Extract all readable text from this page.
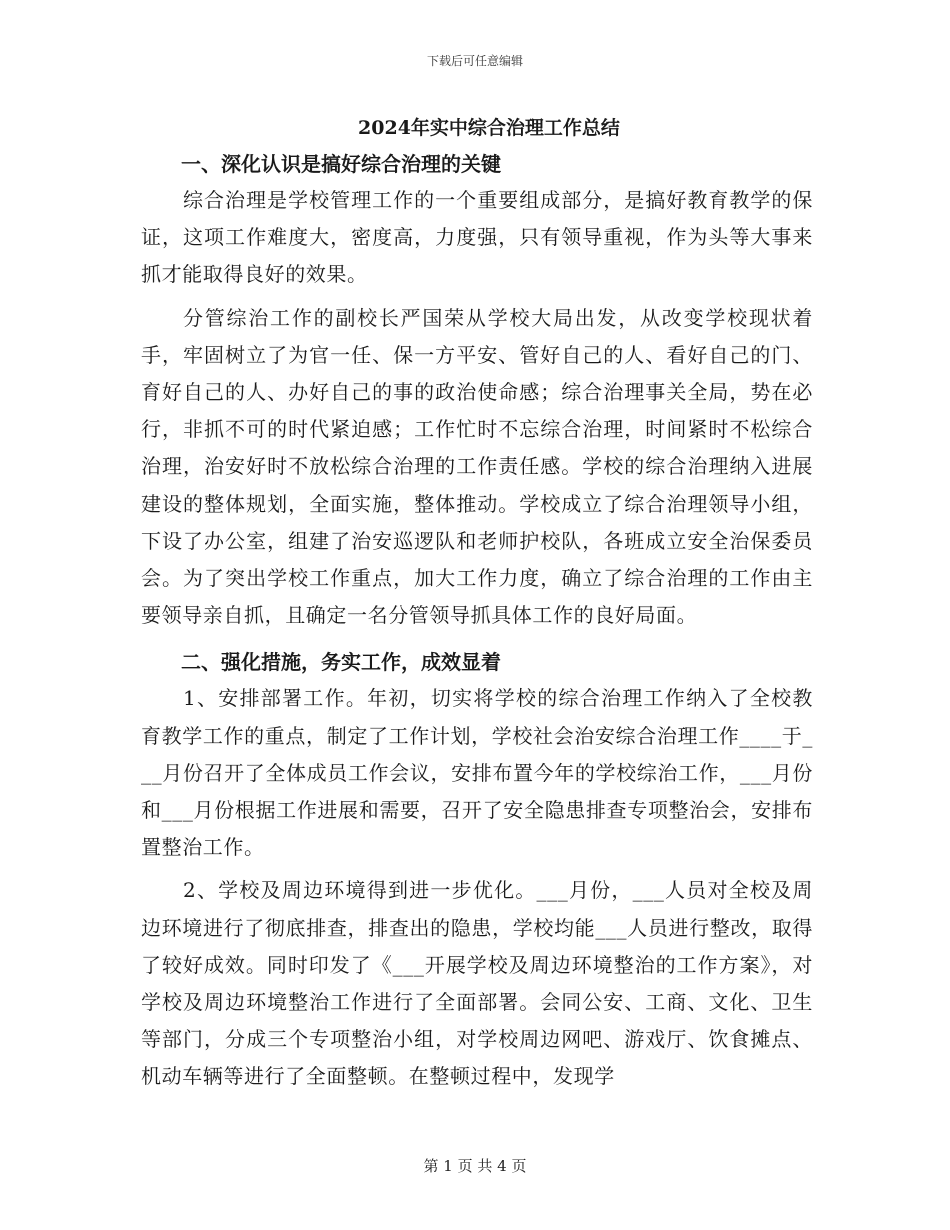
下载后可任意编辑
2024年实中综合治理工作总结
一、深化认识是搞好综合治理的关键

综合治理是学校管理工作的一个重要组成部分，是搞好教育教学的保证，这项工作难度大，密度高，力度强，只有领导重视，作为头等大事来抓才能取得良好的效果。

分管综治工作的副校长严国荣从学校大局出发，从改变学校现状着手，牢固树立了为官一任、保一方平安、管好自己的人、看好自己的门、育好自己的人、办好自己的事的政治使命感；综合治理事关全局，势在必行，非抓不可的时代紧迫感；工作忙时不忘综合治理，时间紧时不松综合治理，治安好时不放松综合治理的工作责任感。学校的综合治理纳入进展建设的整体规划，全面实施，整体推动。学校成立了综合治理领导小组，下设了办公室，组建了治安巡逻队和老师护校队，各班成立安全治保委员会。为了突出学校工作重点，加大工作力度，确立了综合治理的工作由主要领导亲自抓，且确定一名分管领导抓具体工作的良好局面。

二、强化措施，务实工作，成效显着

1、安排部署工作。年初，切实将学校的综合治理工作纳入了全校教育教学工作的重点，制定了工作计划，学校社会治安综合治理工作____于___月份召开了全体成员工作会议，安排布置今年的学校综治工作，___月份和___月份根据工作进展和需要，召开了安全隐患排查专项整治会，安排布置整治工作。

2、学校及周边环境得到进一步优化。___月份，___人员对全校及周边环境进行了彻底排查，排查出的隐患，学校均能___人员进行整改，取得了较好成效。同时印发了《___开展学校及周边环境整治的工作方案》，对学校及周边环境整治工作进行了全面部署。会同公安、工商、文化、卫生等部门，分成三个专项整治小组，对学校周边网吧、游戏厅、饮食摊点、机动车辆等进行了全面整顿。在整顿过程中，发现学

第 1 页 共 4 页
